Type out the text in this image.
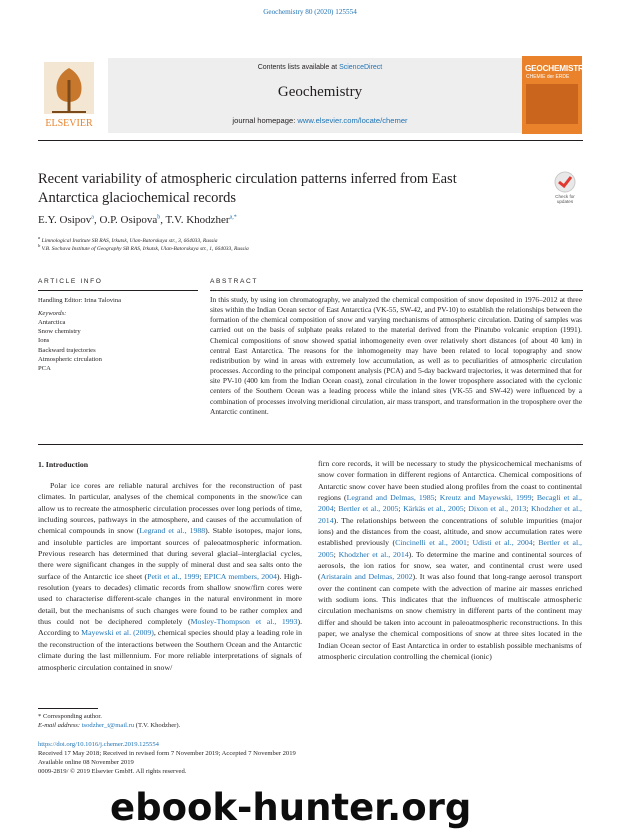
Geochemistry 80 (2020) 125554
ELSEVIER
Contents lists available at ScienceDirect
Geochemistry
journal homepage: www.elsevier.com/locate/chemer
GEOCHEMISTRY
CHEMIE der ERDE
Recent variability of atmospheric circulation patterns inferred from East
Antarctica glaciochemical records	Check for
updates
E.Y. Osipov$^a$, O.P. Osipova$^b$, T.V. Khodzher$^{a,*}$
$^a$ Limnological Institute SB RAS, Irkutsk, Ulan-Batorskaya str., 3, 664033, Russia
$^b$ V.B. Sochava Institute of Geography SB RAS, Irkutsk, Ulan-Batorskaya str., 1, 664033, Russia
ARTICLE INFO	ABSTRACT
Handling Editor: Irina Talovina
Keywords:
Antarctica
Snow chemistry
Ions
Backward trajectories
Atmospheric circulation
PCA
In this study, by using ion chromatography, we analyzed the chemical composition of snow deposited in 1976–2012 at three sites within the Indian Ocean sector of East Antarctica (VK-55, SW-42, and PV-10) to establish the relationships between the formation of the chemical composition of snow and varying mechanisms of atmospheric circulation. Dating of samples was carried out on the basis of sulphate peaks related to the material derived from the Pinatubo volcanic eruption (1991). Chemical compositions of snow showed spatial inhomogeneity even over relatively short distances (of about 40 km) in central East Antarctica. The reasons for the inhomogeneity may have been related to local topography and snow redistribution by wind in areas with extremely low accumulation, as well as to peculiarities of atmospheric circulation processes. According to the principal component analysis (PCA) and 5-day backward trajectories, it was determined that for site PV-10 (400 km from the Indian Ocean coast), zonal circulation in the lower troposphere associated with the cyclonic centers of the Southern Ocean was a leading process while the inland sites (VK-55 and SW-42) were influenced by a combination of processes involving meridional circulation, air mass transport, and transformation in the troposphere over the Antarctic continent.
1. Introduction

Polar ice cores are reliable natural archives for the reconstruction of past climates. In particular, analyses of the chemical components in the snow/ice can allow us to recreate the atmospheric circulation processes over long periods of time, including sources, pathways in the atmosphere, and causes of the accumulation of chemical compounds in snow (Legrand et al., 1988). Stable isotopes, major ions, and insoluble particles are important sources of paleoatmospheric information. Previous research has determined that during several glacial–interglacial cycles, there were significant changes in the supply of mineral dust and sea salts onto the surface of the Antarctic ice sheet (Petit et al., 1999; EPICA members, 2004). High-resolution (years to decades) climatic records from shallow snow/firn cores were used to characterise different-scale changes in the natural environment in more detail, but the mechanisms of such changes were found to be rather complex and thus could not be deciphered completely (Mosley-Thompson et al., 1993). According to Mayewski et al. (2009), chemical species should play a leading role in the reconstruction of the interactions between the Southern Ocean and the Antarctic climate during the last millennium. For more reliable interpretations of signals of atmospheric circulation contained in snow/

firn core records, it will be necessary to study the physicochemical mechanisms of snow cover formation in different regions of Antarctica. Chemical compositions of Antarctic snow cover have been studied along profiles from the coast to continental regions (Legrand and Delmas, 1985; Kreutz and Mayewski, 1999; Becagli et al., 2004; Bertler et al., 2005; Kärkäs et al., 2005; Dixon et al., 2013; Khodzher et al., 2014). The relationships between the concentrations of soluble impurities (major ions) and the distances from the coast, altitude, and snow accumulation rates were established previously (Cincinelli et al., 2001; Udisti et al., 2004; Bertler et al., 2005; Khodzher et al., 2014). To determine the marine and continental sources of aerosols, the ion ratios for snow, sea water, and continental crust were used (Aristarain and Delmas, 2002). It was also found that long-range aerosol transport over the continent can compete with the advection of marine air masses enriched with sodium ions. This indicates that the influences of multiscale atmospheric circulation mechanisms on snow chemistry in different parts of the continent may differ and should be taken into account in paleoatmospheric reconstructions. In this paper, we analyse the chemical compositions of snow at three sites located in the Indian Ocean sector of East Antarctica in order to establish possible mechanisms of atmospheric circulation controlling the chemical (ionic)

* Corresponding author.
E-mail address: tsodzher_t@mail.ru (T.V. Khodzher).
https://doi.org/10.1016/j.chemer.2019.125554
Received 17 May 2018; Received in revised form 7 November 2019; Accepted 7 November 2019
Available online 08 November 2019
0009-2819/ © 2019 Elsevier GmbH. All rights reserved.
ebook-hunter.org
